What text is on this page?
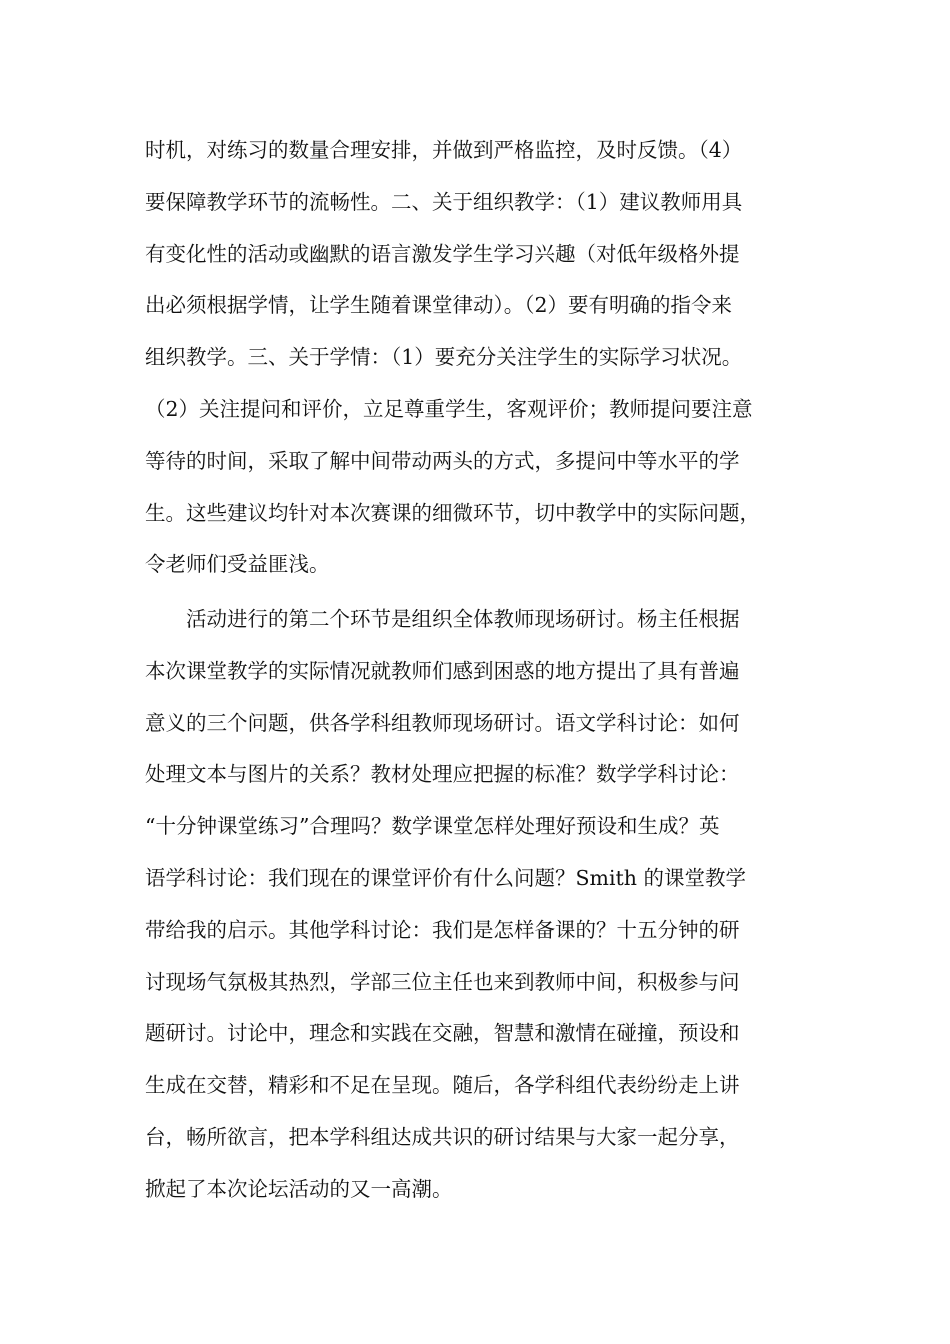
时机，对练习的数量合理安排，并做到严格监控，及时反馈。（4）
要保障教学环节的流畅性。二、关于组织教学：（1）建议教师用具
有变化性的活动或幽默的语言激发学生学习兴趣（对低年级格外提
出必须根据学情，让学生随着课堂律动）。（2）要有明确的指令来
组织教学。三、关于学情：（1）要充分关注学生的实际学习状况。
（2）关注提问和评价，立足尊重学生，客观评价；教师提问要注意
等待的时间，采取了解中间带动两头的方式，多提问中等水平的学
生。这些建议均针对本次赛课的细微环节，切中教学中的实际问题，
令老师们受益匪浅。
　　活动进行的第二个环节是组织全体教师现场研讨。杨主任根据
本次课堂教学的实际情况就教师们感到困惑的地方提出了具有普遍
意义的三个问题，供各学科组教师现场研讨。语文学科讨论：如何
处理文本与图片的关系？教材处理应把握的标准？数学学科讨论：
“十分钟课堂练习”合理吗？数学课堂怎样处理好预设和生成？英
语学科讨论：我们现在的课堂评价有什么问题？Smith 的课堂教学
带给我的启示。其他学科讨论：我们是怎样备课的？十五分钟的研
讨现场气氛极其热烈，学部三位主任也来到教师中间，积极参与问
题研讨。讨论中，理念和实践在交融，智慧和激情在碰撞，预设和
生成在交替，精彩和不足在呈现。随后，各学科组代表纷纷走上讲
台，畅所欲言，把本学科组达成共识的研讨结果与大家一起分享，
掀起了本次论坛活动的又一高潮。
